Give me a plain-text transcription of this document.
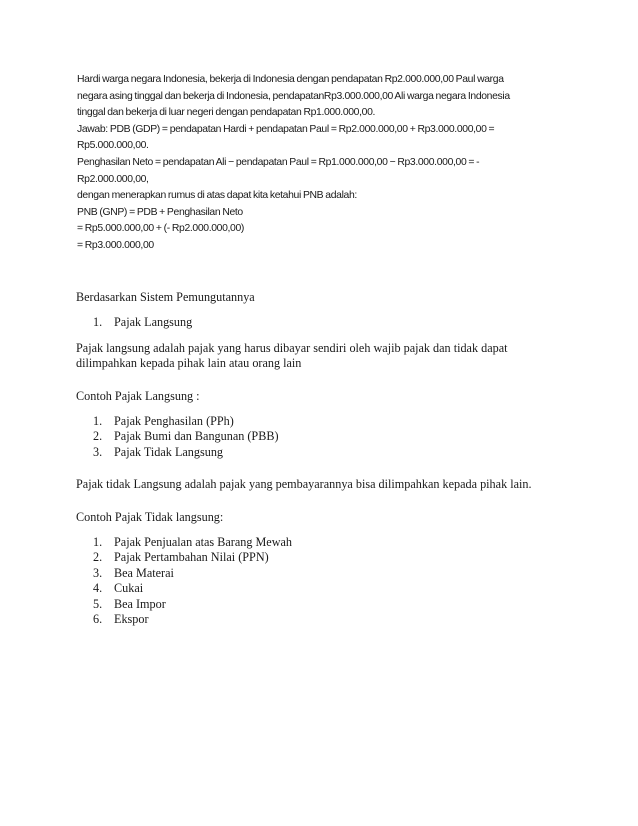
Hardi warga negara Indonesia, bekerja di Indonesia dengan pendapatan Rp2.000.000,00 Paul warga
negara asing tinggal dan bekerja di Indonesia, pendapatanRp3.000.000,00 Ali warga negara Indonesia
tinggal dan bekerja di luar negeri dengan pendapatan Rp1.000.000,00.
Jawab: PDB (GDP) = pendapatan Hardi + pendapatan Paul = Rp2.000.000,00 + Rp3.000.000,00 =
Rp5.000.000,00.
Penghasilan Neto = pendapatan Ali − pendapatan Paul = Rp1.000.000,00 − Rp3.000.000,00 = -
Rp2.000.000,00,
dengan menerapkan rumus di atas dapat kita ketahui PNB adalah:
PNB (GNP) = PDB + Penghasilan Neto
= Rp5.000.000,00 + (- Rp2.000.000,00)
= Rp3.000.000,00

Berdasarkan Sistem Pemungutannya

1. Pajak Langsung

Pajak langsung adalah pajak yang harus dibayar sendiri oleh wajib pajak dan tidak dapat

dilimpahkan kepada pihak lain atau orang lain

Contoh Pajak Langsung :

1. Pajak Penghasilan (PPh)
2. Pajak Bumi dan Bangunan (PBB)
3. Pajak Tidak Langsung

Pajak tidak Langsung adalah pajak yang pembayarannya bisa dilimpahkan kepada pihak lain.

Contoh Pajak Tidak langsung:

1. Pajak Penjualan atas Barang Mewah
2. Pajak Pertambahan Nilai (PPN)
3. Bea Materai
4. Cukai
5. Bea Impor
6. Ekspor
